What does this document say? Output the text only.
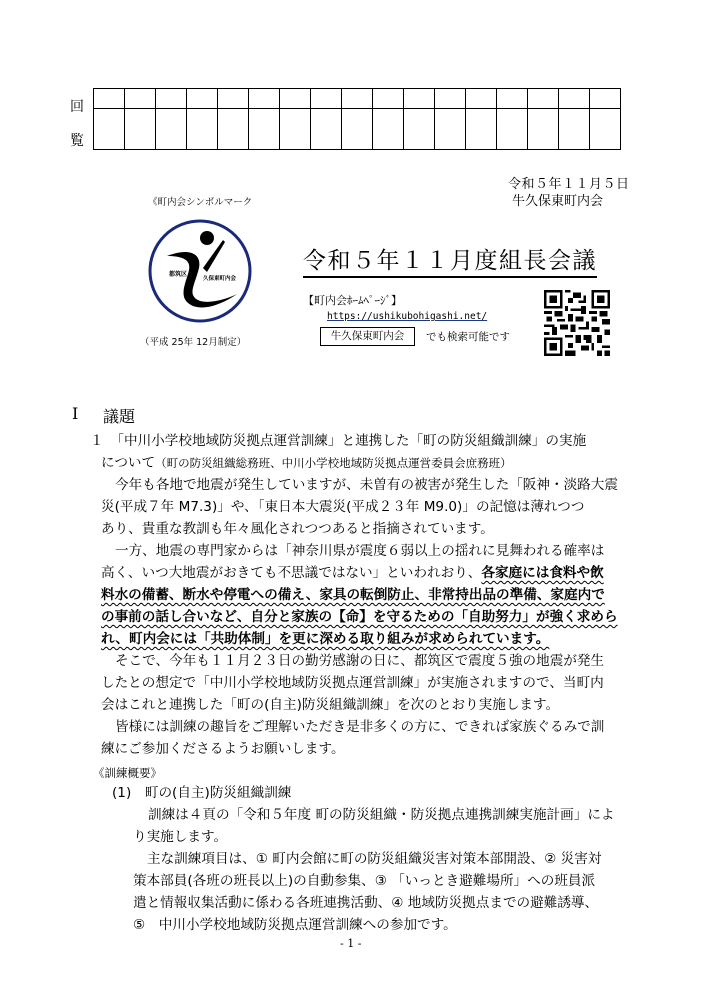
回
覧

令和５年１１月５日
牛久保東町内会
《町内会シンボルマーク
都筑区
久保東町内会
（平成 25年 12月制定）
令和５年１１月度組長会議
【町内会ﾎｰﾑﾍﾟｰｼﾞ】
https://ushikubohigashi.net/
牛久保東町内会	でも検索可能です
Ⅰ 議題
１　「中川小学校地域防災拠点運営訓練」と連携した「町の防災組織訓練」の実施
について（町の防災組織総務班、中川小学校地域防災拠点運営委員会庶務班）
今年も各地で地震が発生していますが、未曽有の被害が発生した「阪神・淡路大震
災(平成７年 M7.3)」や、「東日本大震災(平成２３年 M9.0)」の記憶は薄れつつ
あり、貴重な教訓も年々風化されつつあると指摘されています。
一方、地震の専門家からは「神奈川県が震度６弱以上の揺れに見舞われる確率は
高く、いつ大地震がおきても不思議ではない」といわれおり、各家庭には食料や飲
料水の備蓄、断水や停電への備え、家具の転倒防止、非常持出品の準備、家庭内で
の事前の話し合いなど、自分と家族の【命】を守るための「自助努力」が強く求めら
れ、町内会には「共助体制」を更に深める取り組みが求められています。
そこで、今年も１１月２３日の勤労感謝の日に、都筑区で震度５強の地震が発生
したとの想定で「中川小学校地域防災拠点運営訓練」が実施されますので、当町内
会はこれと連携した「町の(自主)防災組織訓練」を次のとおり実施します。
皆様には訓練の趣旨をご理解いただき是非多くの方に、できれば家族ぐるみで訓
練にご参加くださるようお願いします。
《訓練概要》
(1)　町の(自主)防災組織訓練
訓練は４頁の「令和５年度 町の防災組織・防災拠点連携訓練実施計画」によ
り実施します。
主な訓練項目は、① 町内会館に町の防災組織災害対策本部開設、② 災害対
策本部員(各班の班長以上)の自動参集、③ 「いっとき避難場所」への班員派
遣と情報収集活動に係わる各班連携活動、④ 地域防災拠点までの避難誘導、
⑤　中川小学校地域防災拠点運営訓練への参加です。
- 1 -
